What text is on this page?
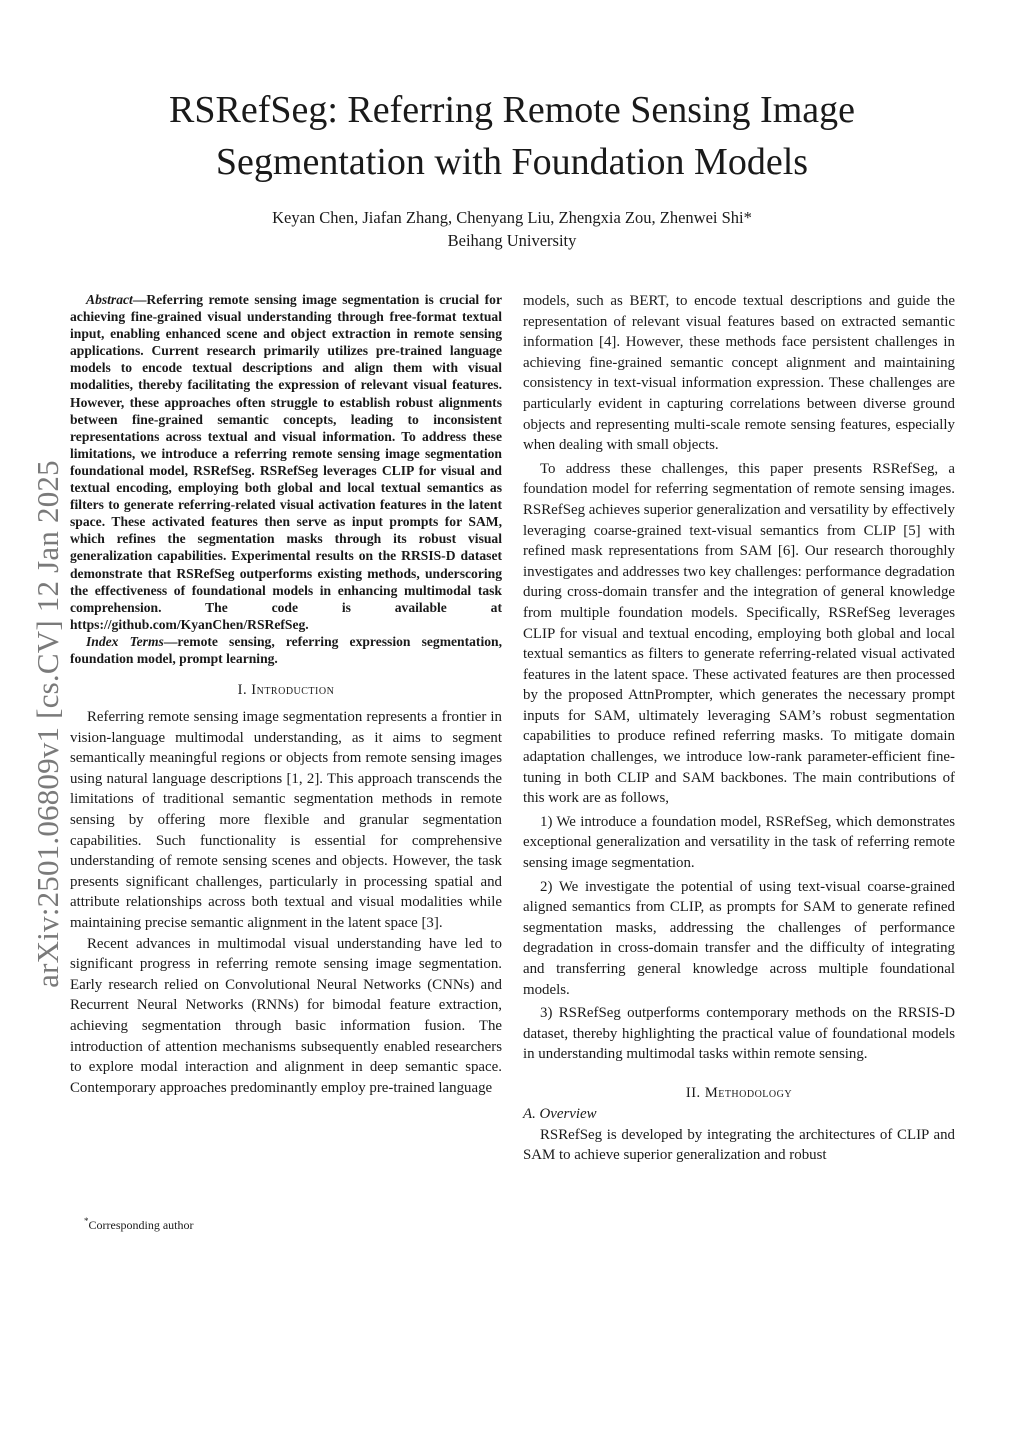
RSRefSeg: Referring Remote Sensing Image
Segmentation with Foundation Models
Keyan Chen, Jiafan Zhang, Chenyang Liu, Zhengxia Zou, Zhenwei Shi*
Beihang University
arXiv:2501.06809v1 [cs.CV] 12 Jan 2025

Abstract—Referring remote sensing image segmentation is crucial for achieving fine-grained visual understanding through free-format textual input, enabling enhanced scene and object extraction in remote sensing applications. Current research primarily utilizes pre-trained language models to encode textual descriptions and align them with visual modalities, thereby facilitating the expression of relevant visual features. However, these approaches often struggle to establish robust alignments between fine-grained semantic concepts, leading to inconsistent representations across textual and visual information. To address these limitations, we introduce a referring remote sensing image segmentation foundational model, RSRefSeg. RSRefSeg leverages CLIP for visual and textual encoding, employing both global and local textual semantics as filters to generate referring-related visual activation features in the latent space. These activated features then serve as input prompts for SAM, which refines the segmentation masks through its robust visual generalization capabilities. Experimental results on the RRSIS-D dataset demonstrate that RSRefSeg outperforms existing methods, underscoring the effectiveness of foundational models in enhancing multimodal task comprehension. The code is available at https://github.com/KyanChen/RSRefSeg.

Index Terms—remote sensing, referring expression segmentation, foundation model, prompt learning.

I. Introduction

Referring remote sensing image segmentation represents a frontier in vision-language multimodal understanding, as it aims to segment semantically meaningful regions or objects from remote sensing images using natural language descriptions [1, 2]. This approach transcends the limitations of traditional semantic segmentation methods in remote sensing by offering more flexible and granular segmentation capabilities. Such functionality is essential for comprehensive understanding of remote sensing scenes and objects. However, the task presents significant challenges, particularly in processing spatial and attribute relationships across both textual and visual modalities while maintaining precise semantic alignment in the latent space [3].

Recent advances in multimodal visual understanding have led to significant progress in referring remote sensing image segmentation. Early research relied on Convolutional Neural Networks (CNNs) and Recurrent Neural Networks (RNNs) for bimodal feature extraction, achieving segmentation through basic information fusion. The introduction of attention mechanisms subsequently enabled researchers to explore modal interaction and alignment in deep semantic space. Contemporary approaches predominantly employ pre-trained language

*Corresponding author

models, such as BERT, to encode textual descriptions and guide the representation of relevant visual features based on extracted semantic information [4]. However, these methods face persistent challenges in achieving fine-grained semantic concept alignment and maintaining consistency in text-visual information expression. These challenges are particularly evident in capturing correlations between diverse ground objects and representing multi-scale remote sensing features, especially when dealing with small objects.

To address these challenges, this paper presents RSRefSeg, a foundation model for referring segmentation of remote sensing images. RSRefSeg achieves superior generalization and versatility by effectively leveraging coarse-grained text-visual semantics from CLIP [5] with refined mask representations from SAM [6]. Our research thoroughly investigates and addresses two key challenges: performance degradation during cross-domain transfer and the integration of general knowledge from multiple foundation models. Specifically, RSRefSeg leverages CLIP for visual and textual encoding, employing both global and local textual semantics as filters to generate referring-related visual activated features in the latent space. These activated features are then processed by the proposed AttnPrompter, which generates the necessary prompt inputs for SAM, ultimately leveraging SAM’s robust segmentation capabilities to produce refined referring masks. To mitigate domain adaptation challenges, we introduce low-rank parameter-efficient fine-tuning in both CLIP and SAM backbones. The main contributions of this work are as follows,

1) We introduce a foundation model, RSRefSeg, which demonstrates exceptional generalization and versatility in the task of referring remote sensing image segmentation.

2) We investigate the potential of using text-visual coarse-grained aligned semantics from CLIP, as prompts for SAM to generate refined segmentation masks, addressing the challenges of performance degradation in cross-domain transfer and the difficulty of integrating and transferring general knowledge across multiple foundational models.

3) RSRefSeg outperforms contemporary methods on the RRSIS-D dataset, thereby highlighting the practical value of foundational models in understanding multimodal tasks within remote sensing.

II. Methodology

A. Overview

RSRefSeg is developed by integrating the architectures of CLIP and SAM to achieve superior generalization and robust
